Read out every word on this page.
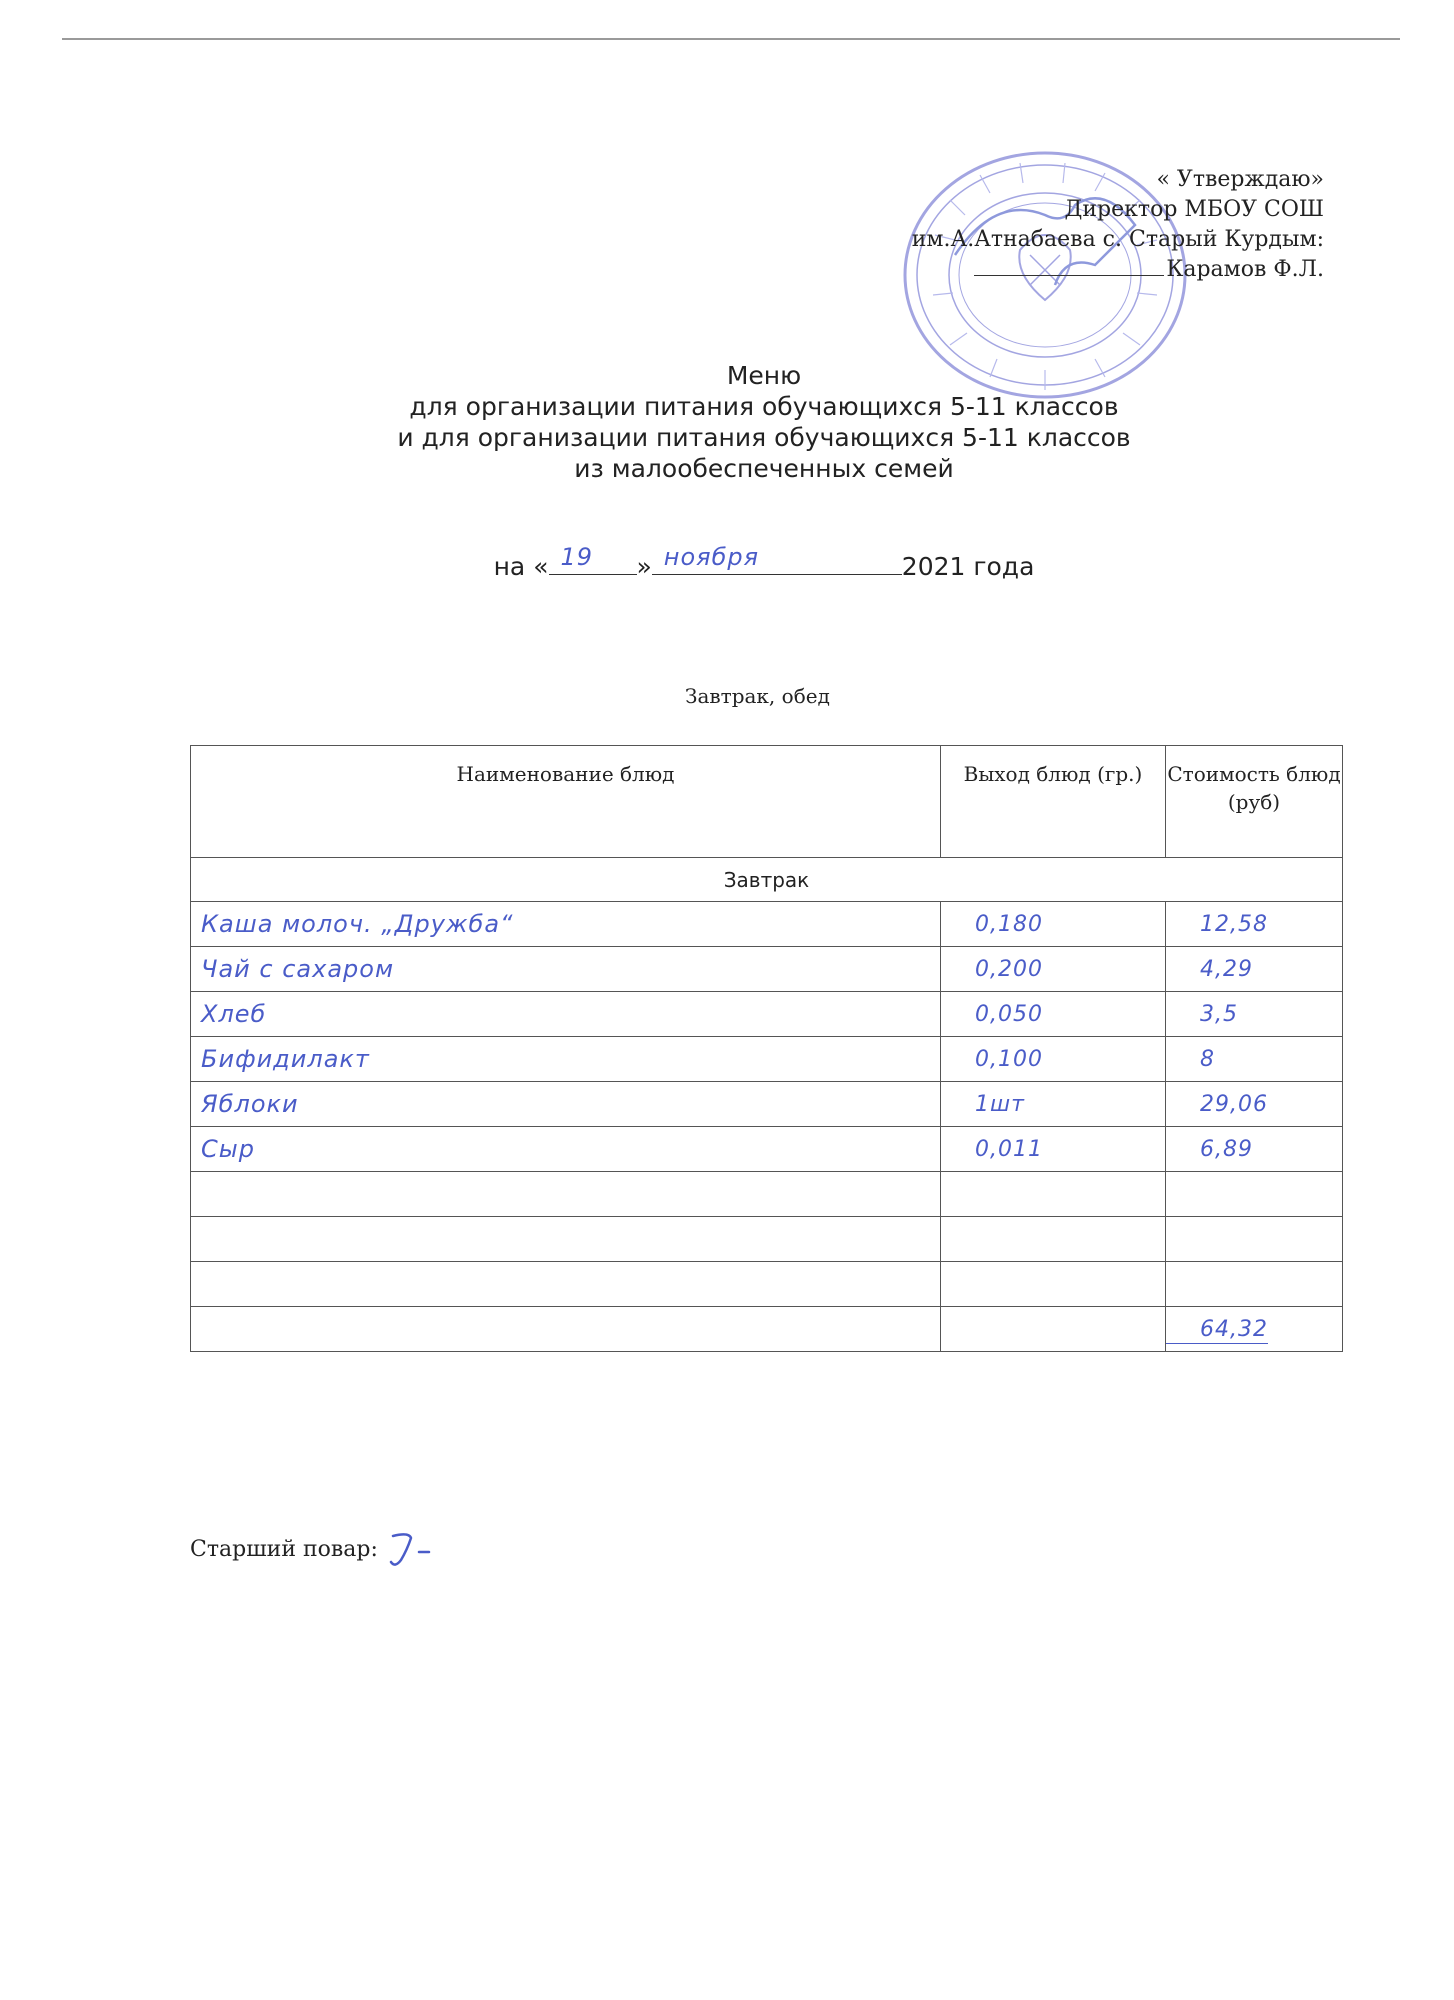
« Утверждаю»
Директор МБОУ СОШ
им.А.Атнабаева с. Старый Курдым:
Карамов Ф.Л.
Меню
для организации питания обучающихся 5-11 классов
и для организации питания обучающихся 5-11 классов
из малообеспеченных семей
на « 19 » ноября	2021 года
Завтрак, обед
Наименование блюд	Выход блюд (гр.)	Стоимость блюд (руб)
Завтрак		
Каша молоч. „Дружба“	0,180	12,58
Чай с сахаром	0,200	4,29
Хлеб	0,050	3,5
Бифидилакт	0,100	8
Яблоки	1шт	29,06
Сыр	0,011	6,89

		64,32
Старший повар:
